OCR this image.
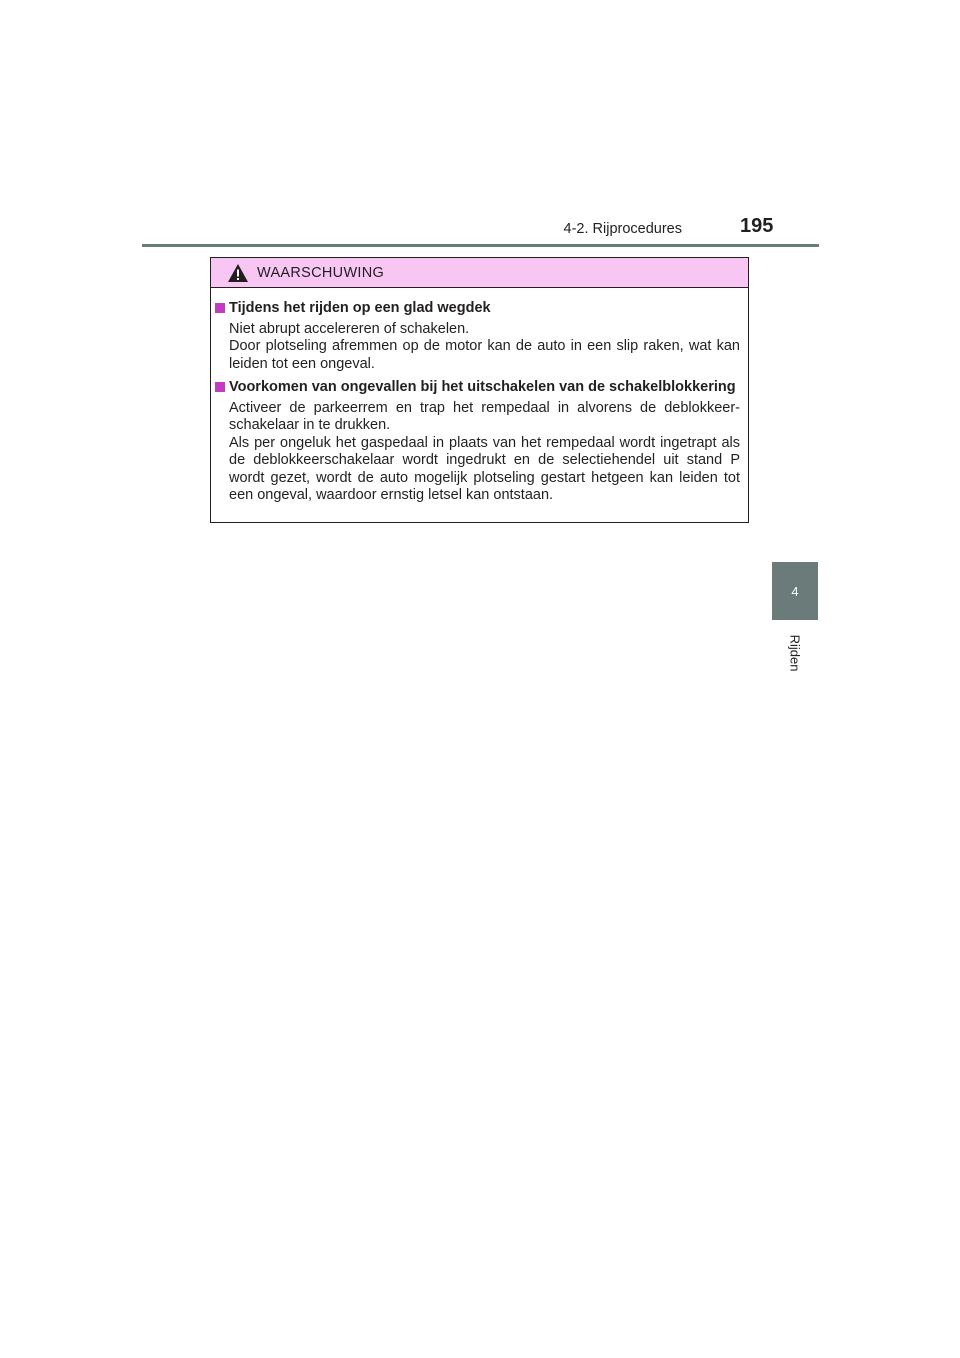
4-2. Rijprocedures	195
4
Rijden
WAARSCHUWING
Tijdens het rijden op een glad wegdek
Niet abrupt accelereren of schakelen.
Door plotseling afremmen op de motor kan de auto in een slip raken, wat kan leiden tot een ongeval.
Voorkomen van ongevallen bij het uitschakelen van de schakelblokkering
Activeer de parkeerrem en trap het rempedaal in alvorens de deblokkeer-schakelaar in te drukken.
Als per ongeluk het gaspedaal in plaats van het rempedaal wordt ingetrapt als de deblokkeerschakelaar wordt ingedrukt en de selectiehendel uit stand P wordt gezet, wordt de auto mogelijk plotseling gestart hetgeen kan leiden tot een ongeval, waardoor ernstig letsel kan ontstaan.
